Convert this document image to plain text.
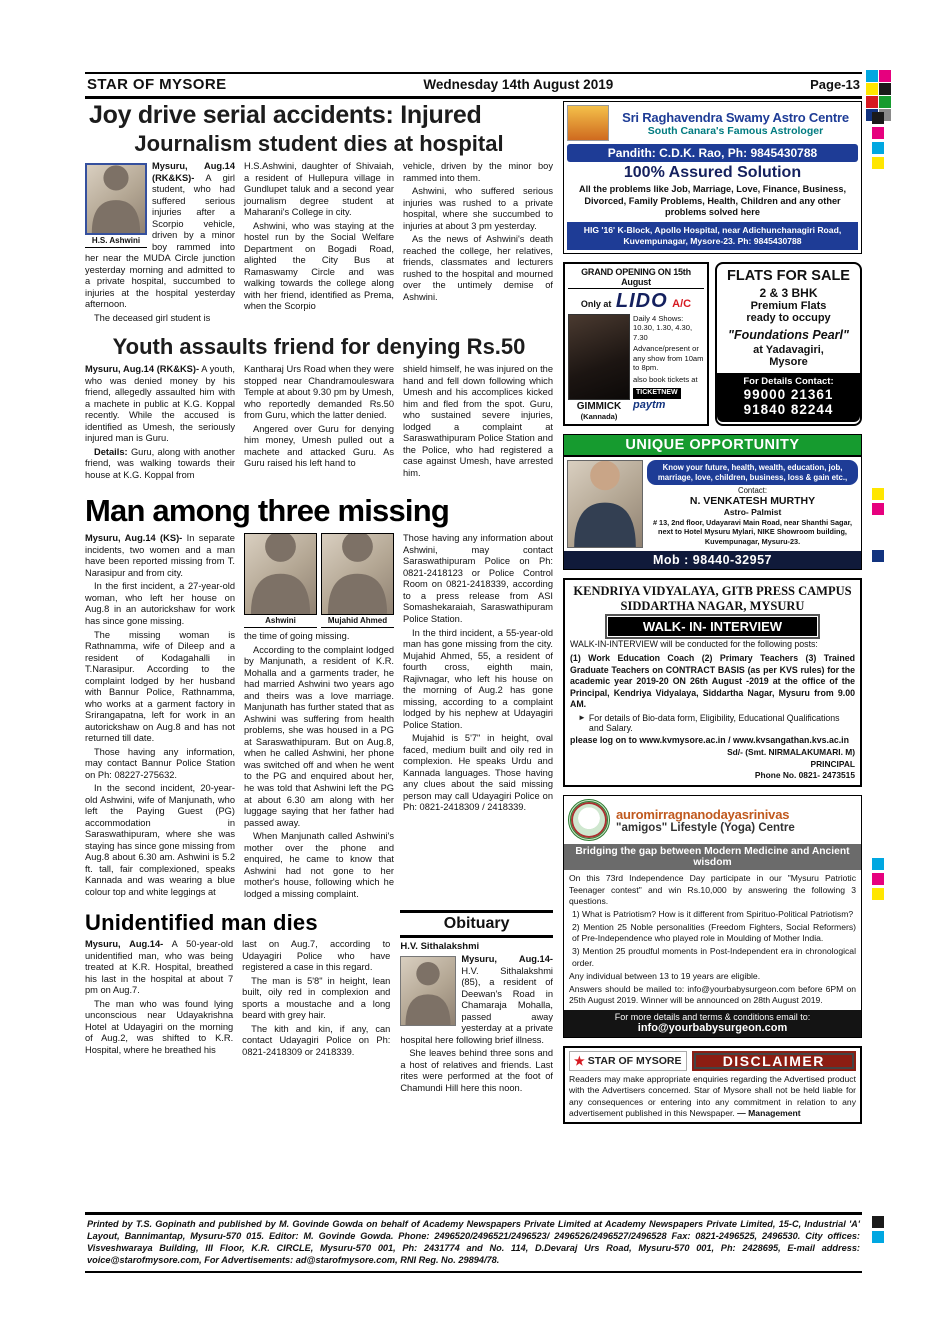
STAR OF MYSORE	Wednesday 14th August 2019	Page-13
Joy drive serial accidents: Injured
Journalism student dies at hospital
H.S. Ashwini

Mysuru, Aug.14 (RK&KS)- A girl student, who had suffered serious injuries after a Scorpio vehicle, driven by a minor boy rammed into her near the MUDA Circle junction yesterday morning and admitted to a private hospital, succumbed to injuries at the hospital yesterday afternoon.

The deceased girl student is

H.S.Ashwini, daughter of Shivaiah, a resident of Hullepura village in Gundlupet taluk and a second year journalism degree student at Maharani's College in city.

Ashwini, who was staying at the hostel run by the Social Welfare Department on Bogadi Road, alighted the City Bus at Ramaswamy Circle and was walking towards the college along with her friend, identified as Prema, when the Scorpio

vehicle, driven by the minor boy rammed into them.

Ashwini, who suffered serious injuries was rushed to a private hospital, where she succumbed to injuries at about 3 pm yesterday.

As the news of Ashwini's death reached the college, her relatives, friends, classmates and lecturers rushed to the hospital and mourned over the untimely demise of Ashwini.

Youth assaults friend for denying Rs.50

Mysuru, Aug.14 (RK&KS)- A youth, who was denied money by his friend, allegedly assaulted him with a machete in public at K.G. Koppal recently. While the accused is identified as Umesh, the seriously injured man is Guru.

Details: Guru, along with another friend, was walking towards their house at K.G. Koppal from

Kantharaj Urs Road when they were stopped near Chandramouleswara Temple at about 9.30 pm by Umesh, who reportedly demanded Rs.50 from Guru, which the latter denied.

Angered over Guru for denying him money, Umesh pulled out a machete and attacked Guru. As Guru raised his left hand to

shield himself, he was injured on the hand and fell down following which Umesh and his accomplices kicked him and fled from the spot. Guru, who sustained severe injuries, lodged a complaint at Saraswathipuram Police Station and the Police, who had registered a case against Umesh, have arrested him.

Man among three missing

Mysuru, Aug.14 (KS)- In separate incidents, two women and a man have been reported missing from T. Narasipur and from city.

In the first incident, a 27-year-old woman, who left her house on Aug.8 in an autorickshaw for work has since gone missing.

The missing woman is Rathnamma, wife of Dileep and a resident of Kodagahalli in T.Narasipur. According to the complaint lodged by her husband with Bannur Police, Rathnamma, who works at a garment factory in Srirangapatna, left for work in an autorickshaw on Aug.8 and has not returned till date.

Those having any information, may contact Bannur Police Station on Ph: 08227-275632.

In the second incident, 20-year-old Ashwini, wife of Manjunath, who left the Paying Guest (PG) accommodation in Saraswathipuram, where she was staying has since gone missing from Aug.8 about 6.30 am. Ashwini is 5.2 ft. tall, fair complexioned, speaks Kannada and was wearing a blue colour top and white leggings at

Ashwini	Mujahid Ahmed

the time of going missing.

According to the complaint lodged by Manjunath, a resident of K.R. Mohalla and a garments trader, he had married Ashwini two years ago and theirs was a love marriage. Manjunath has further stated that as Ashwini was suffering from health problems, she was housed in a PG at Saraswathipuram. But on Aug.8, when he called Ashwini, her phone was switched off and when he went to the PG and enquired about her, he was told that Ashwini left the PG at about 6.30 am along with her luggage saying that her father had passed away.

When Manjunath called Ashwini's mother over the phone and enquired, he came to know that Ashwini had not gone to her mother's house, following which he lodged a missing complaint.

Those having any information about Ashwini, may contact Saraswathipuram Police on Ph: 0821-2418123 or Police Control Room on 0821-2418339, according to a press release from ASI Somashekaraiah, Saraswathipuram Police Station.

In the third incident, a 55-year-old man has gone missing from the city. Mujahid Ahmed, 55, a resident of fourth cross, eighth main, Rajivnagar, who left his house on the morning of Aug.2 has gone missing, according to a complaint lodged by his nephew at Udayagiri Police Station.

Mujahid is 5'7" in height, oval faced, medium built and oily red in complexion. He speaks Urdu and Kannada languages. Those having any clues about the said missing person may call Udayagiri Police on Ph: 0821-2418309 / 2418339.

Unidentified man dies

Mysuru, Aug.14- A 50-year-old unidentified man, who was being treated at K.R. Hospital, breathed his last in the hospital at about 7 pm on Aug.7.

The man who was found lying unconscious near Udayakrishna Hotel at Udayagiri on the morning of Aug.2, was shifted to K.R. Hospital, where he breathed his

last on Aug.7, according to Udayagiri Police who have registered a case in this regard.

The man is 5'8" in height, lean built, oily red in complexion and sports a moustache and a long beard with grey hair.

The kith and kin, if any, can contact Udayagiri Police on Ph: 0821-2418309 or 2418339.

Obituary
H.V. Sithalakshmi

Mysuru, Aug.14- H.V. Sithalakshmi (85), a resident of Deewan's Road in Chamaraja Mohalla, passed away yesterday at a private hospital here following brief illness.

She leaves behind three sons and a host of relatives and friends. Last rites were performed at the foot of Chamundi Hill here this noon.

Sri Raghavendra Swamy Astro Centre
South Canara's Famous Astrologer
Pandith: C.D.K. Rao, Ph: 9845430788
100% Assured Solution
All the problems like Job, Marriage, Love, Finance, Business, Divorced, Family Problems, Health, Children and any other problems solved here
HIG '16' K-Block, Apollo Hospital, near Adichunchanagiri Road, Kuvempunagar, Mysore-23. Ph: 9845430788
GRAND OPENING ON 15th August
Only at LIDO A/C
GIMMICK
(Kannada)

Daily 4 Shows: 10.30, 1.30, 4.30, 7.30

Advance/present or any show from 10am to 8pm.

also book tickets at

TICKETNEW
paytm
FLATS FOR SALE
2 & 3 BHK
Premium Flats
ready to occupy
"Foundations Pearl"
at Yadavagiri,
Mysore
For Details Contact:
99000 21361
91840 82244
UNIQUE OPPORTUNITY
Know your future, health, wealth, education, job, marriage, love, children, business, loss & gain etc.,
Contact:
N. VENKATESH MURTHY
Astro- Palmist
# 13, 2nd floor, Udayaravi Main Road, near Shanthi Sagar, next to Hotel Mysuru Mylari, NIKE Showroom building, Kuvempunagar, Mysuru-23.
Mob : 98440-32957
KENDRIYA VIDYALAYA, GITB PRESS CAMPUS
SIDDARTHA NAGAR, MYSURU
WALK- IN- INTERVIEW

WALK-IN-INTERVIEW will be conducted for the following posts:

(1) Work Education Coach (2) Primary Teachers (3) Trained Graduate Teachers on CONTRACT BASIS (as per KVS rules) for the academic year 2019-20 ON 26th August -2019 at the office of the Principal, Kendriya Vidyalaya, Siddartha Nagar, Mysuru from 9.00 AM.

► For details of Bio-data form, Eligibility, Educational Qualifications and Salary.

please log on to www.kvmysore.ac.in / www.kvsangathan.kvs.ac.in

Sd/- (Smt. NIRMALAKUMARI. M)
PRINCIPAL
Phone No. 0821- 2473515
auromirragnanodayasrinivas
"amigos" Lifestyle (Yoga) Centre
Bridging the gap between Modern Medicine and Ancient wisdom

On this 73rd Independence Day participate in our "Mysuru Patriotic Teenager contest" and win Rs.10,000 by answering the following 3 questions.

1) What is Patriotism? How is it different from Spirituo-Political Patriotism?

2) Mention 25 Noble personalities (Freedom Fighters, Social Reformers) of Pre-Independence who played role in Moulding of Mother India.

3) Mention 25 proudful moments in Post-Independent era in chronological order.

Any individual between 13 to 19 years are eligible.

Answers should be mailed to: info@yourbabysurgeon.com before 6PM on 25th August 2019. Winner will be announced on 28th August 2019.

For more details and terms & conditions email to:
info@yourbabysurgeon.com
★ STAR OF MYSORE	DISCLAIMER
Readers may make appropriate enquiries regarding the Advertised product with the Advertisers concerned. Star of Mysore shall not be held liable for any consequences or entering into any commitment in relation to any advertisement published in this Newspaper. — Management
Printed by T.S. Gopinath and published by M. Govinde Gowda on behalf of Academy Newspapers Private Limited at Academy Newspapers Private Limited, 15-C, Industrial 'A' Layout, Bannimantap, Mysuru-570 015. Editor: M. Govinde Gowda. Phone: 2496520/2496521/2496523/ 2496526/2496527/2496528 Fax: 0821-2496525, 2496530. City offices: Visveshwaraya Building, III Floor, K.R. CIRCLE, Mysuru-570 001, Ph: 2431774 and No. 114, D.Devaraj Urs Road, Mysuru-570 001, Ph: 2428695, E-mail address: voice@starofmysore.com, For Advertisements: ad@starofmysore.com, RNI Reg. No. 29894/78.
